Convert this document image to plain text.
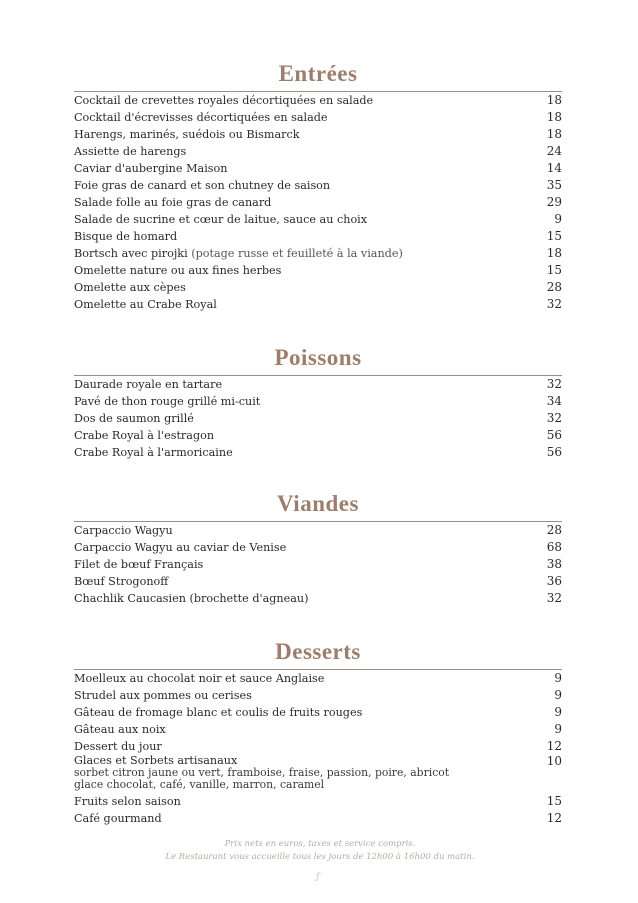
Entrées
Cocktail de crevettes royales décortiquées en salade	18
Cocktail d'écrevisses décortiquées en salade	18
Harengs, marinés, suédois ou Bismarck	18
Assiette de harengs	24
Caviar d'aubergine Maison	14
Foie gras de canard et son chutney de saison	35
Salade folle au foie gras de canard	29
Salade de sucrine et cœur de laitue, sauce au choix	9
Bisque de homard	15
Bortsch avec pirojki (potage russe et feuilleté à la viande)	18
Omelette nature ou aux fines herbes	15
Omelette aux cèpes	28
Omelette au Crabe Royal	32
Poissons
Daurade royale en tartare	32
Pavé de thon rouge grillé mi-cuit	34
Dos de saumon grillé	32
Crabe Royal à l'estragon	56
Crabe Royal à l'armoricaine	56
Viandes
Carpaccio Wagyu	28
Carpaccio Wagyu au caviar de Venise	68
Filet de bœuf Français	38
Bœuf Strogonoff	36
Chachlik Caucasien (brochette d'agneau)	32
Desserts
Moelleux au chocolat noir et sauce Anglaise	9
Strudel aux pommes ou cerises	9
Gâteau de fromage blanc et coulis de fruits rouges	9
Gâteau aux noix	9
Dessert du jour	12
Glaces et Sorbets artisanaux	10
sorbet citron jaune ou vert, framboise, fraise, passion, poire, abricot
glace chocolat, café, vanille, marron, caramel
Fruits selon saison	15
Café gourmand	12
Prix nets en euros, taxes et service compris.
Le Restaurant vous accueille tous les jours de 12h00 à 16h00 du matin.
ƒ
